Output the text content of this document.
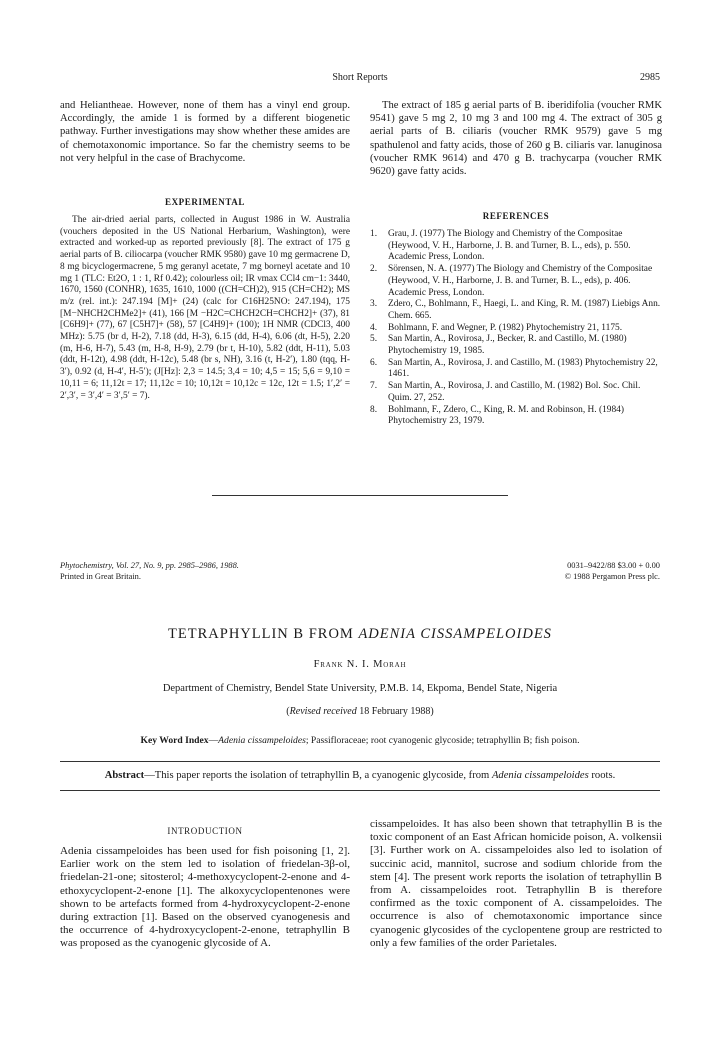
Short Reports	2985

and Heliantheae. However, none of them has a vinyl end group. Accordingly, the amide 1 is formed by a different biogenetic pathway. Further investigations may show whether these amides are of chemotaxonomic importance. So far the chemistry seems to be not very helpful in the case of Brachycome.

EXPERIMENTAL

The air-dried aerial parts, collected in August 1986 in W. Australia (vouchers deposited in the US National Herbarium, Washington), were extracted and worked-up as reported previously [8]. The extract of 175 g aerial parts of B. ciliocarpa (voucher RMK 9580) gave 10 mg germacrene D, 8 mg bicyclogermacrene, 5 mg geranyl acetate, 7 mg borneyl acetate and 10 mg 1 (TLC: Et2O, 1 : 1, Rf 0.42); colourless oil; IR νmax CCl4 cm−1: 3440, 1670, 1560 (CONHR), 1635, 1610, 1000 ((CH=CH)2), 915 (CH=CH2); MS m/z (rel. int.): 247.194 [M]+ (24) (calc for C16H25NO: 247.194), 175 [M−NHCH2CHMe2]+ (41), 166 [M −H2C=CHCH2CH=CHCH2]+ (37), 81 [C6H9]+ (77), 67 [C5H7]+ (58), 57 [C4H9]+ (100); 1H NMR (CDCl3, 400 MHz): 5.75 (br d, H-2), 7.18 (dd, H-3), 6.15 (dd, H-4), 6.06 (dt, H-5), 2.20 (m, H-6, H-7), 5.43 (m, H-8, H-9), 2.79 (br t, H-10), 5.82 (ddt, H-11), 5.03 (ddt, H-12t), 4.98 (ddt, H-12c), 5.48 (br s, NH), 3.16 (t, H-2′), 1.80 (tqq, H-3′), 0.92 (d, H-4′, H-5′); (J[Hz]: 2,3 = 14.5; 3,4 = 10; 4,5 = 15; 5,6 = 9,10 = 10,11 = 6; 11,12t = 17; 11,12c = 10; 10,12t = 10,12c = 12c, 12t = 1.5; 1′,2′ = 2′,3′, = 3′,4′ = 3′,5′ = 7).

The extract of 185 g aerial parts of B. iberidifolia (voucher RMK 9541) gave 5 mg 2, 10 mg 3 and 100 mg 4. The extract of 305 g aerial parts of B. ciliaris (voucher RMK 9579) gave 5 mg spathulenol and fatty acids, those of 260 g B. ciliaris var. lanuginosa (voucher RMK 9614) and 470 g B. trachycarpa (voucher RMK 9620) gave fatty acids.

REFERENCES
1. Grau, J. (1977) The Biology and Chemistry of the Compositae (Heywood, V. H., Harborne, J. B. and Turner, B. L., eds), p. 550. Academic Press, London.
2. Sörensen, N. A. (1977) The Biology and Chemistry of the Compositae (Heywood, V. H., Harborne, J. B. and Turner, B. L., eds), p. 406. Academic Press, London.
3. Zdero, C., Bohlmann, F., Haegi, L. and King, R. M. (1987) Liebigs Ann. Chem. 665.
4. Bohlmann, F. and Wegner, P. (1982) Phytochemistry 21, 1175.
5. San Martin, A., Rovirosa, J., Becker, R. and Castillo, M. (1980) Phytochemistry 19, 1985.
6. San Martin, A., Rovirosa, J. and Castillo, M. (1983) Phytochemistry 22, 1461.
7. San Martin, A., Rovirosa, J. and Castillo, M. (1982) Bol. Soc. Chil. Quim. 27, 252.
8. Bohlmann, F., Zdero, C., King, R. M. and Robinson, H. (1984) Phytochemistry 23, 1979.
Phytochemistry, Vol. 27, No. 9, pp. 2985–2986, 1988.
Printed in Great Britain.
0031–9422/88 $3.00 + 0.00
© 1988 Pergamon Press plc.
TETRAPHYLLIN B FROM ADENIA CISSAMPELOIDES
Frank N. I. Morah
Department of Chemistry, Bendel State University, P.M.B. 14, Ekpoma, Bendel State, Nigeria
(Revised received 18 February 1988)
Key Word Index—Adenia cissampeloides; Passifloraceae; root cyanogenic glycoside; tetraphyllin B; fish poison.
Abstract—This paper reports the isolation of tetraphyllin B, a cyanogenic glycoside, from Adenia cissampeloides roots.
INTRODUCTION

Adenia cissampeloides has been used for fish poisoning [1, 2]. Earlier work on the stem led to isolation of friedelan-3β-ol, friedelan-21-one; sitosterol; 4-methoxycyclopent-2-enone and 4-ethoxycyclopent-2-enone [1]. The alkoxycyclopentenones were shown to be artefacts formed from 4-hydroxycyclopent-2-enone during extraction [1]. Based on the observed cyanogenesis and the occurrence of 4-hydroxycyclopent-2-enone, tetraphyllin B was proposed as the cyanogenic glycoside of A.

cissampeloides. It has also been shown that tetraphyllin B is the toxic component of an East African homicide poison, A. volkensii [3]. Further work on A. cissampeloides also led to isolation of succinic acid, mannitol, sucrose and sodium chloride from the stem [4]. The present work reports the isolation of tetraphyllin B from A. cissampeloides root. Tetraphyllin B is therefore confirmed as the toxic component of A. cissampeloides. The occurrence is also of chemotaxonomic importance since cyanogenic glycosides of the cyclopentene group are restricted to only a few families of the order Parietales.
